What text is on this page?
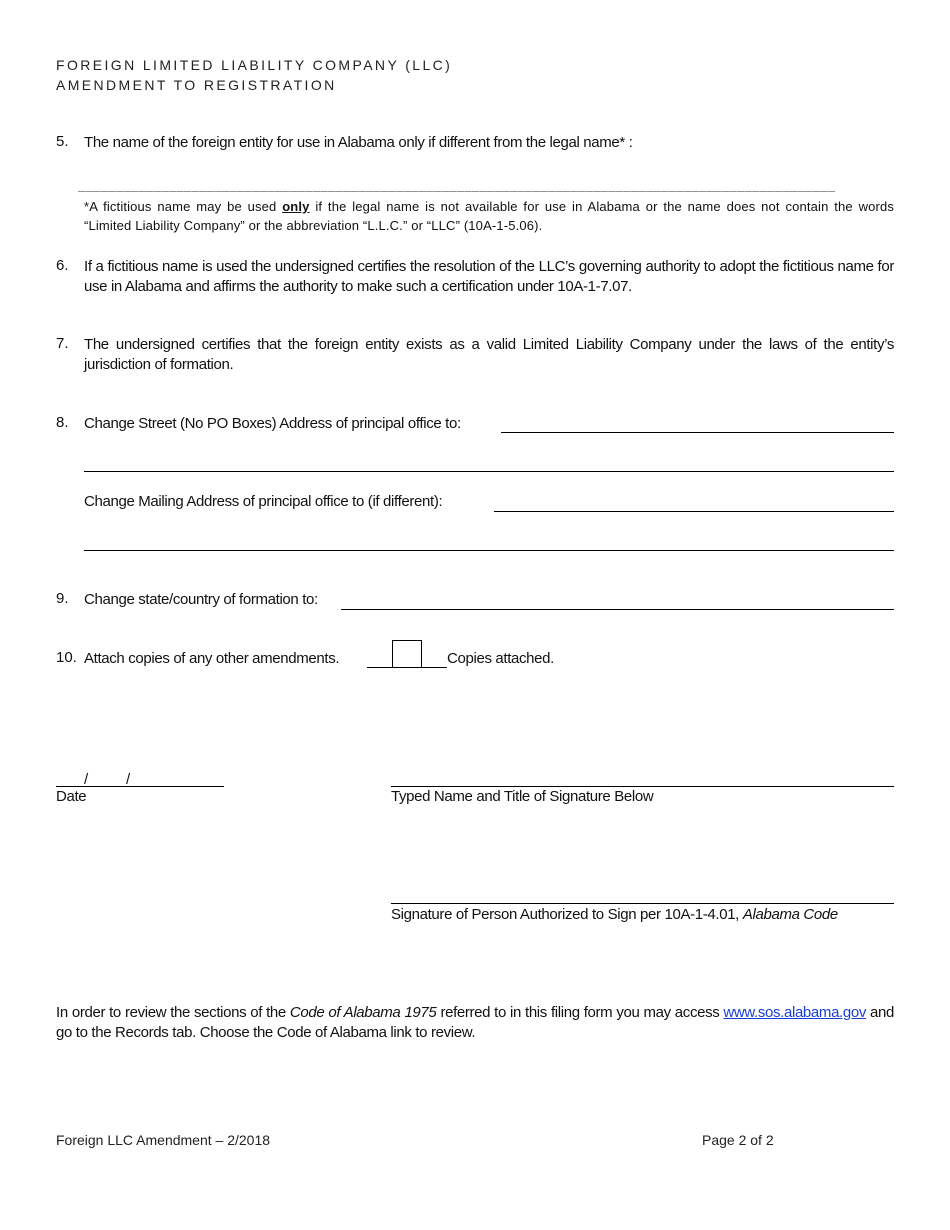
FOREIGN LIMITED LIABILITY COMPANY (LLC)
AMENDMENT TO REGISTRATION
5. The name of the foreign entity for use in Alabama only if different from the legal name* :
____________________________________________________________________________________________________
*A fictitious name may be used only if the legal name is not available for use in Alabama or the name does not contain the words “Limited Liability Company” or the abbreviation “L.L.C.” or “LLC” (10A-1-5.06).
6. If a fictitious name is used the undersigned certifies the resolution of the LLC’s governing authority to adopt the fictitious name for use in Alabama and affirms the authority to make such a certification under 10A-1-7.07.
7. The undersigned certifies that the foreign entity exists as a valid Limited Liability Company under the laws of the entity’s jurisdiction of formation.
8. Change Street (No PO Boxes) Address of principal office to:
Change Mailing Address of principal office to (if different):
9. Change state/country of formation to:
10. Attach copies of any other amendments.	Copies attached.
/          /
Date	Typed Name and Title of Signature Below
Signature of Person Authorized to Sign per 10A-1-4.01, Alabama Code
In order to review the sections of the Code of Alabama 1975 referred to in this filing form you may access www.sos.alabama.gov and go to the Records tab. Choose the Code of Alabama link to review.
Foreign LLC Amendment – 2/2018	Page 2 of 2
